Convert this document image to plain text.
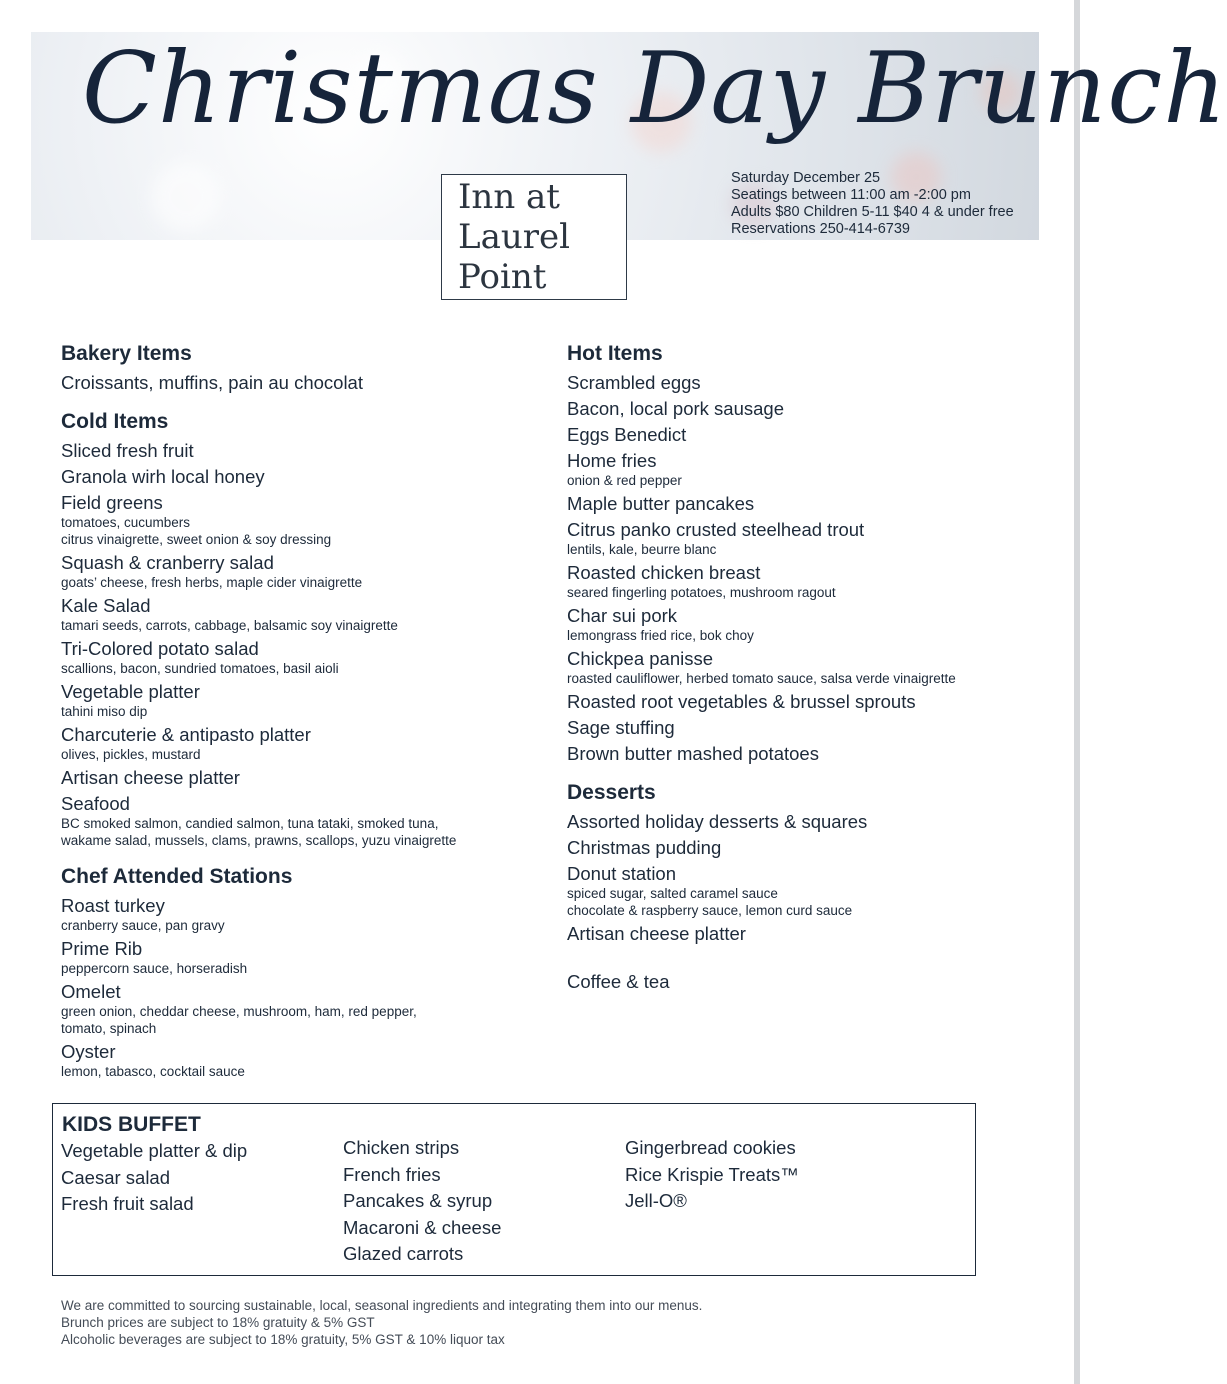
Christmas Day Brunch
Inn at
Laurel Point
Saturday December 25
Seatings between 11:00 am -2:00 pm
Adults $80 Children 5-11 $40 4 & under free
Reservations 250-414-6739
Bakery Items
Croissants, muffins, pain au chocolat
Cold Items
Sliced fresh fruit
Granola wirh local honey
Field greens
tomatoes, cucumbers
citrus vinaigrette, sweet onion & soy dressing
Squash & cranberry salad
goats’ cheese, fresh herbs, maple cider vinaigrette
Kale Salad
tamari seeds, carrots, cabbage, balsamic soy vinaigrette
Tri-Colored potato salad
scallions, bacon, sundried tomatoes, basil aioli
Vegetable platter
tahini miso dip
Charcuterie & antipasto platter
olives, pickles, mustard
Artisan cheese platter
Seafood
BC smoked salmon, candied salmon, tuna tataki, smoked tuna,
wakame salad, mussels, clams, prawns, scallops, yuzu vinaigrette
Chef Attended Stations
Roast turkey
cranberry sauce, pan gravy
Prime Rib
peppercorn sauce, horseradish
Omelet
green onion, cheddar cheese, mushroom, ham, red pepper,
tomato, spinach
Oyster
lemon, tabasco, cocktail sauce
Hot Items
Scrambled eggs
Bacon, local pork sausage
Eggs Benedict
Home fries
onion & red pepper
Maple butter pancakes
Citrus panko crusted steelhead trout
lentils, kale, beurre blanc
Roasted chicken breast
seared fingerling potatoes, mushroom ragout
Char sui pork
lemongrass fried rice, bok choy
Chickpea panisse
roasted cauliflower, herbed tomato sauce, salsa verde vinaigrette
Roasted root vegetables & brussel sprouts
Sage stuffing
Brown butter mashed potatoes
Desserts
Assorted holiday desserts & squares
Christmas pudding
Donut station
spiced sugar, salted caramel sauce
chocolate & raspberry sauce, lemon curd sauce
Artisan cheese platter
Coffee & tea
KIDS BUFFET
Vegetable platter & dip
Caesar salad
Fresh fruit salad
Chicken strips
French fries
Pancakes & syrup
Macaroni & cheese
Glazed carrots
Gingerbread cookies
Rice Krispie Treats™
Jell-O®
We are committed to sourcing sustainable, local, seasonal ingredients and integrating them into our menus.
Brunch prices are subject to 18% gratuity & 5% GST
Alcoholic beverages are subject to 18% gratuity, 5% GST & 10% liquor tax
